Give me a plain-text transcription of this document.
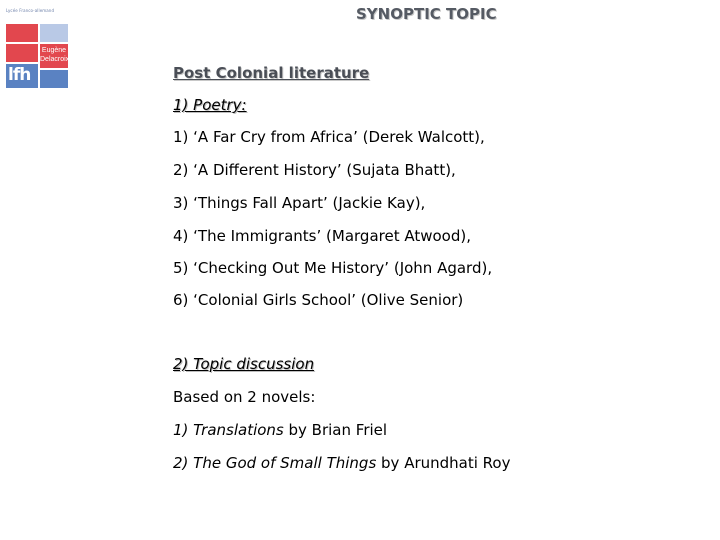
Lycée Franco-allemand
Eugène
Delacroix
lfh
SYNOPTIC TOPIC
Post Colonial literature
1) Poetry:
1) ‘A Far Cry from Africa’ (Derek Walcott),
2) ‘A Different History’ (Sujata Bhatt),
3) ‘Things Fall Apart’ (Jackie Kay),
4) ‘The Immigrants’ (Margaret Atwood),
5) ‘Checking Out Me History’ (John Agard),
6) ‘Colonial Girls School’ (Olive Senior)
2) Topic discussion
Based on 2 novels:
1) Translations by Brian Friel
2) The God of Small Things by Arundhati Roy
